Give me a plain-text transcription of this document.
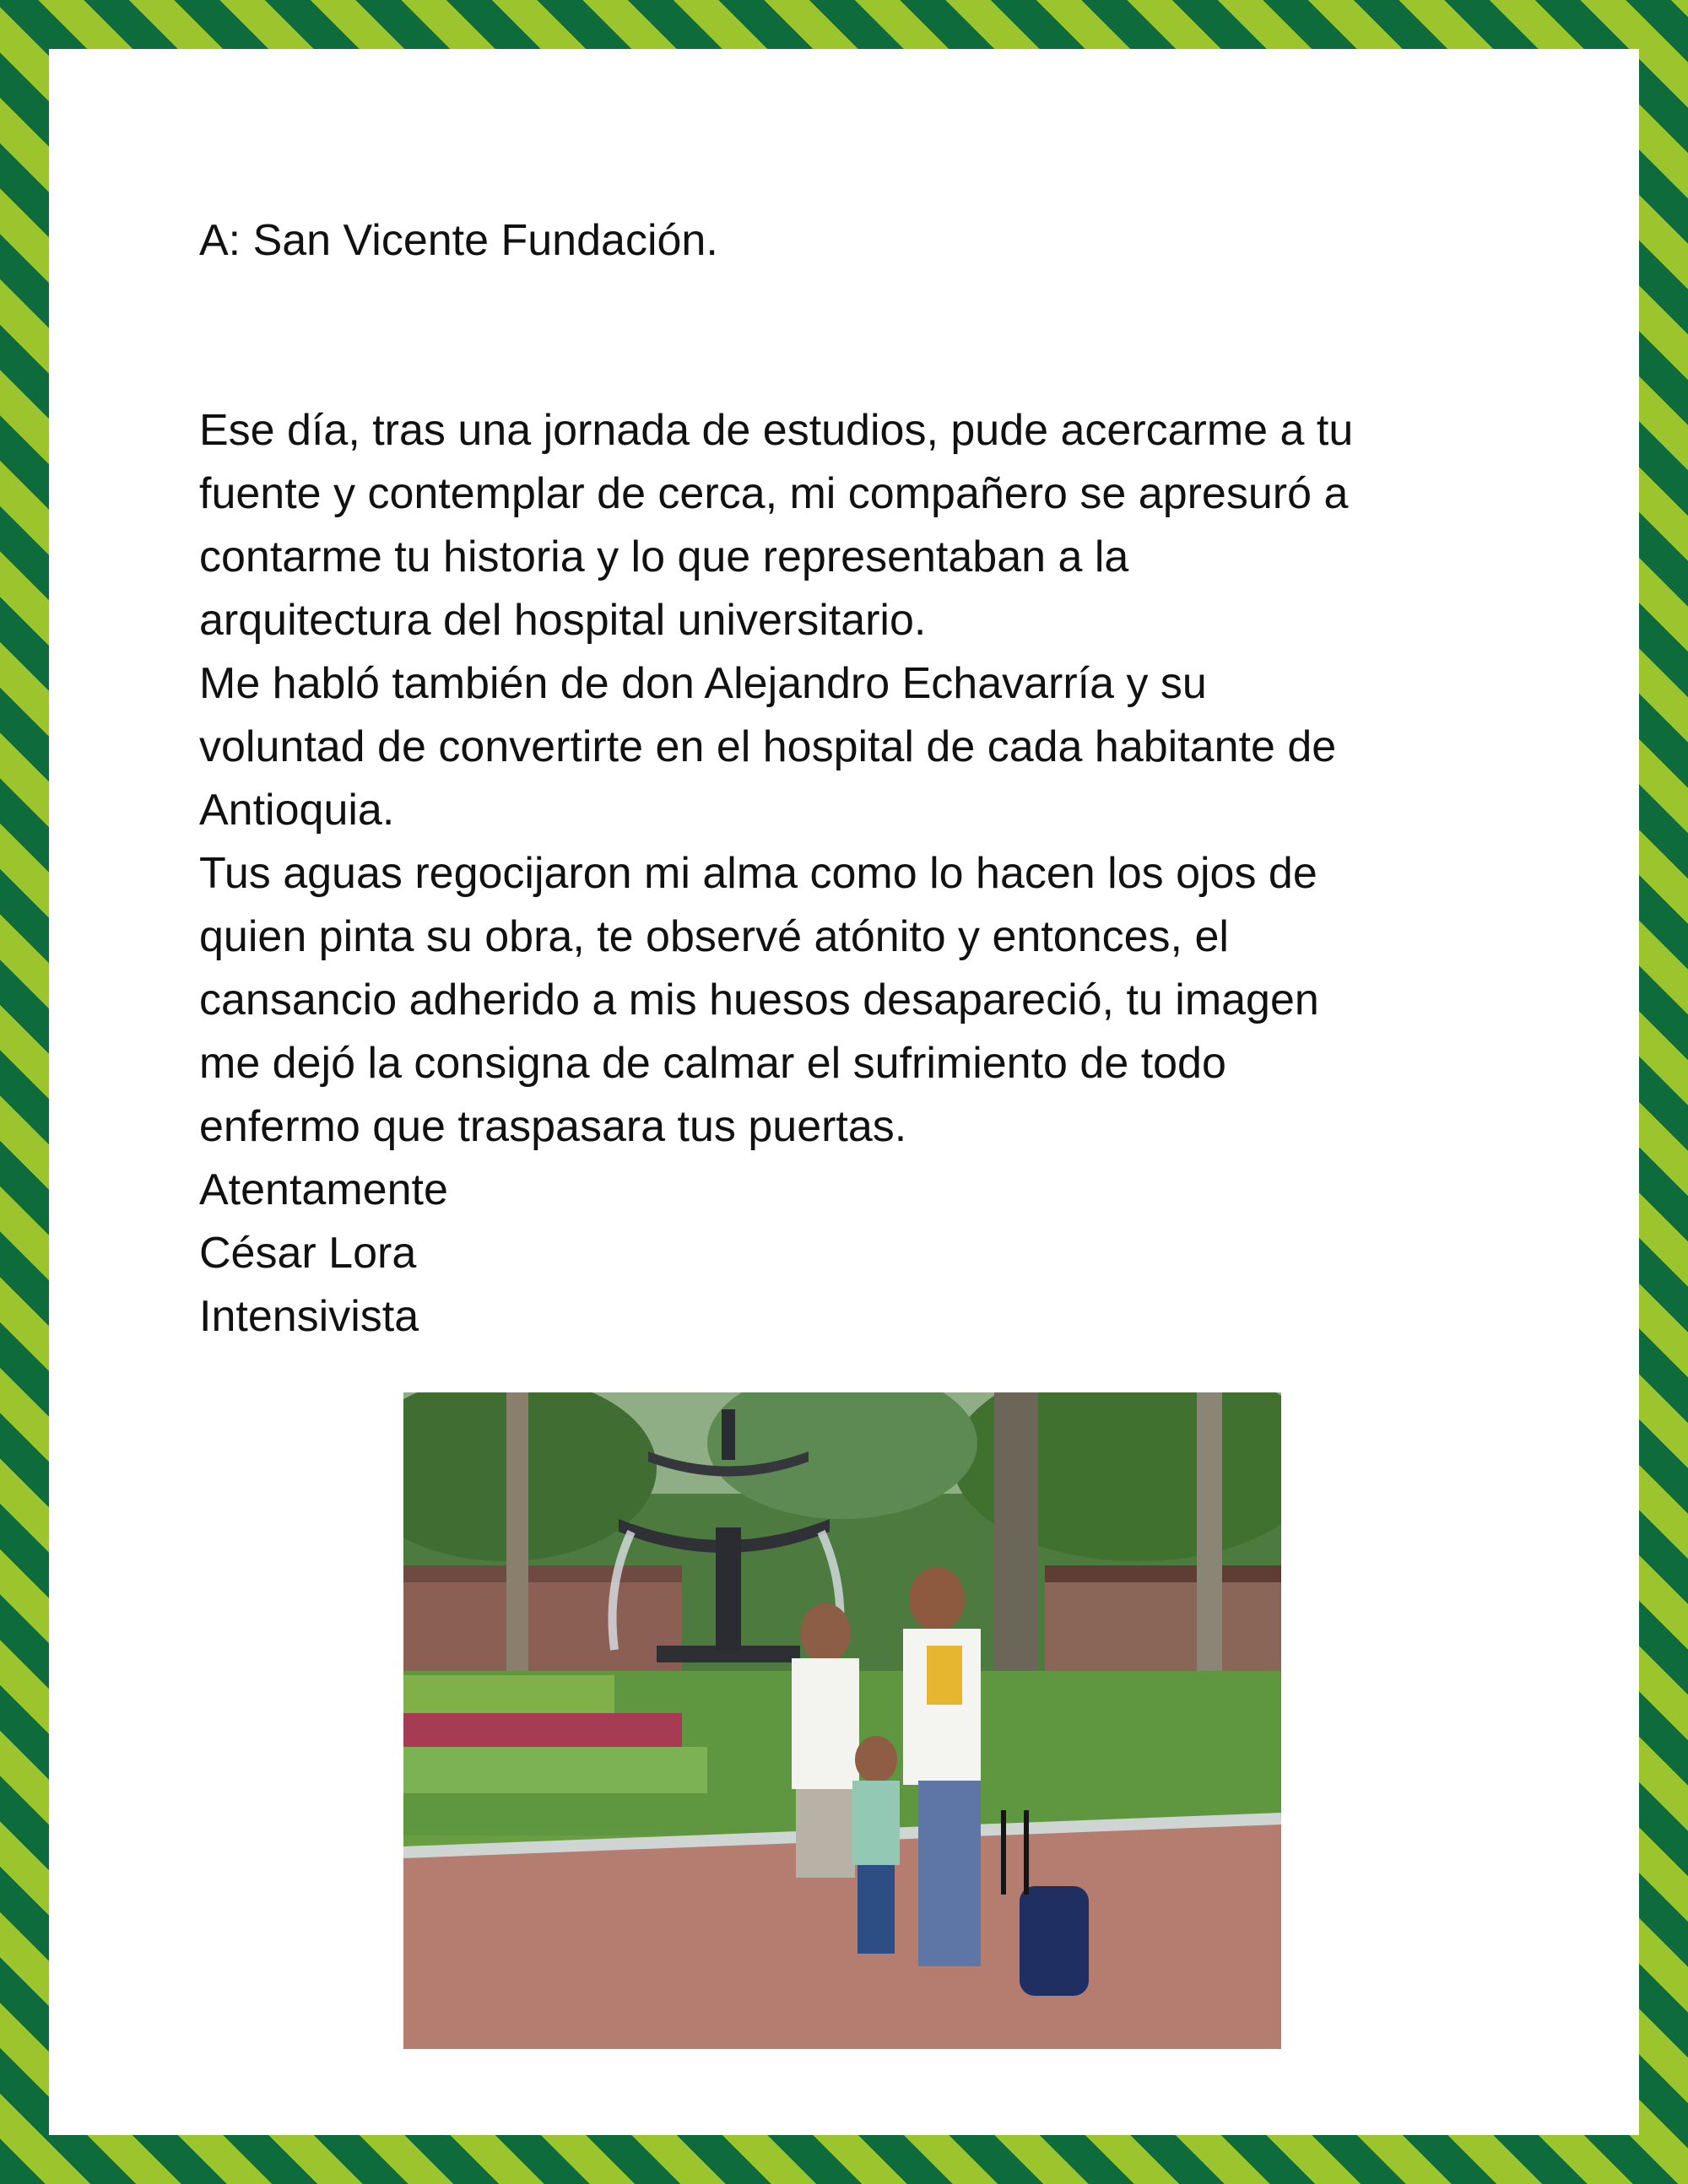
A: San Vicente Fundación.

Ese día, tras una jornada de estudios, pude acercarme a tu
fuente y contemplar de cerca, mi compañero se apresuró a
contarme tu historia y lo que representaban a la
arquitectura del hospital universitario.

Me habló también de don Alejandro Echavarría y su
voluntad de convertirte en el hospital de cada habitante de
Antioquia.

Tus aguas regocijaron mi alma como lo hacen los ojos de
quien pinta su obra, te observé atónito y entonces, el
cansancio adherido a mis huesos desapareció, tu imagen
me dejó la consigna de calmar el sufrimiento de todo
enfermo que traspasara tus puertas.

Atentamente

César Lora

Intensivista
